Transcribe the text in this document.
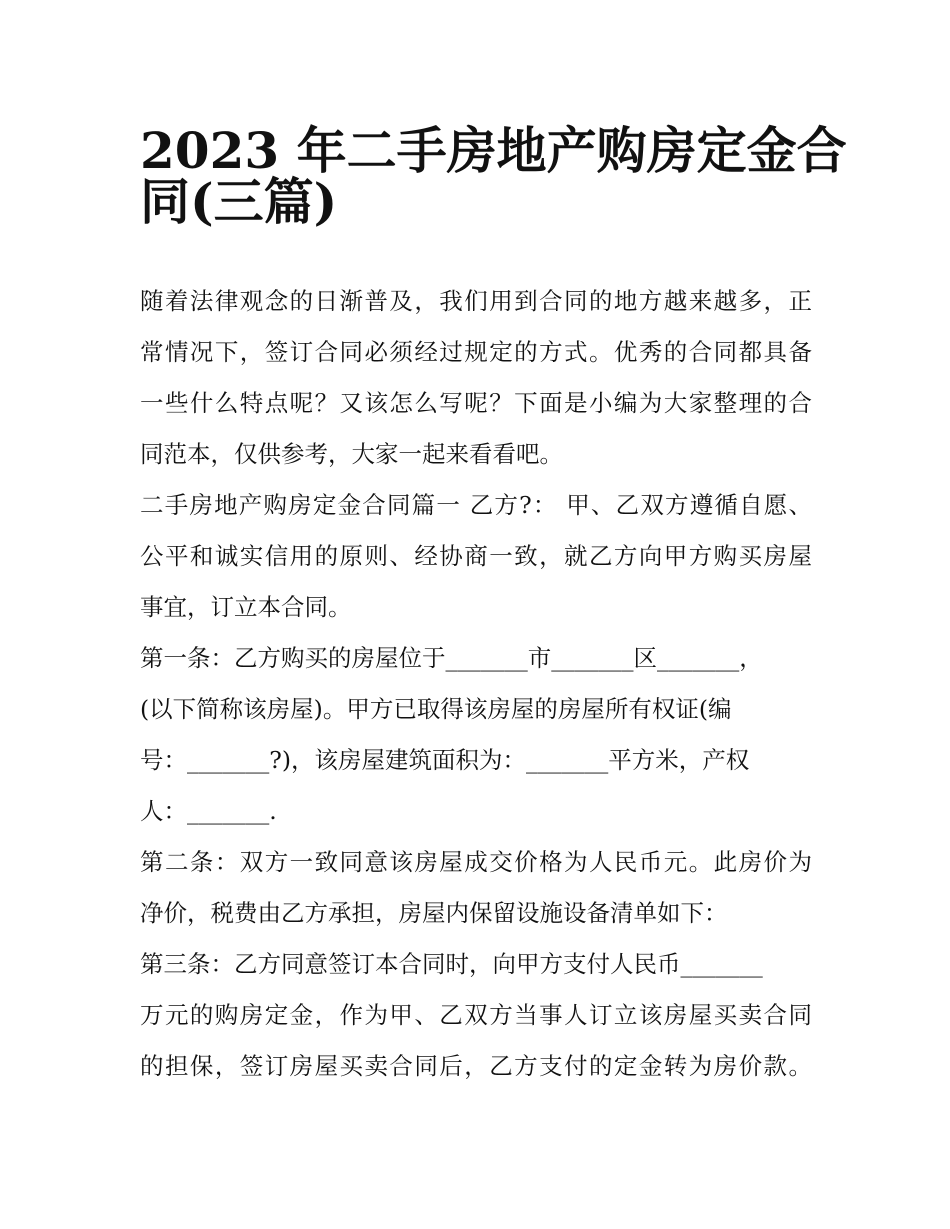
2023 年二手房地产购房定金合
同(三篇)
随着法律观念的日渐普及，我们用到合同的地方越来越多，正
常情况下，签订合同必须经过规定的方式。优秀的合同都具备
一些什么特点呢？又该怎么写呢？下面是小编为大家整理的合
同范本，仅供参考，大家一起来看看吧。
二手房地产购房定金合同篇一 乙方?： 甲、乙双方遵循自愿、
公平和诚实信用的原则、经协商一致，就乙方向甲方购买房屋
事宜，订立本合同。
第一条：乙方购买的房屋位于_______市_______区_______，
(以下简称该房屋)。甲方已取得该房屋的房屋所有权证(编
号：_______?)，该房屋建筑面积为：_______平方米，产权
人：_______.
第二条：双方一致同意该房屋成交价格为人民币元。此房价为
净价，税费由乙方承担，房屋内保留设施设备清单如下：
第三条：乙方同意签订本合同时，向甲方支付人民币_______
万元的购房定金，作为甲、乙双方当事人订立该房屋买卖合同
的担保，签订房屋买卖合同后，乙方支付的定金转为房价款。
